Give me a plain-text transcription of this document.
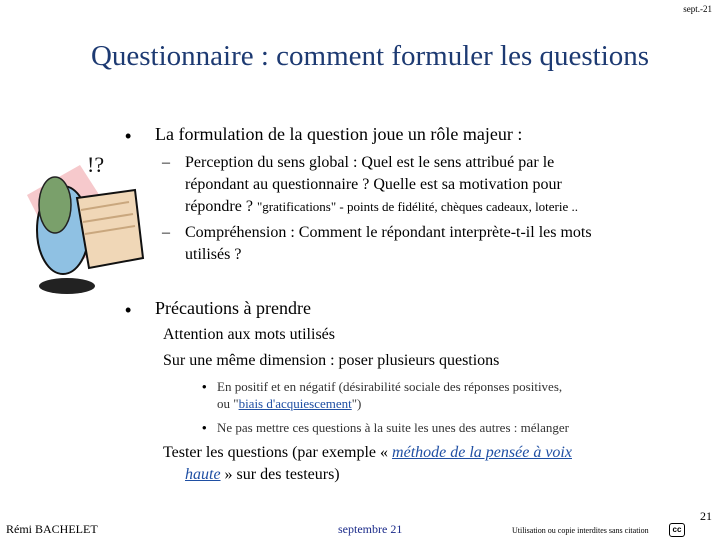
sept.-21
Questionnaire : comment formuler les questions
!?
• La formulation de la question joue un rôle majeur :
– Perception du sens global : Quel est le sens attribué par le
répondant au questionnaire ? Quelle est sa motivation pour
répondre ? "gratifications" - points de fidélité, chèques cadeaux, loterie ..
– Compréhension : Comment le répondant interprète-t-il les mots
utilisés ?
• Précautions à prendre
Attention aux mots utilisés
Sur une même dimension : poser plusieurs questions
• En positif et en négatif (désirabilité sociale des réponses positives,
ou "biais d'acquiescement")
• Ne pas mettre ces questions à la suite les unes des autres : mélanger
Tester les questions (par exemple « méthode de la pensée à voix
haute » sur des testeurs)
21
Rémi BACHELET	septembre 21	Utilisation ou copie interdites sans citation	cc
